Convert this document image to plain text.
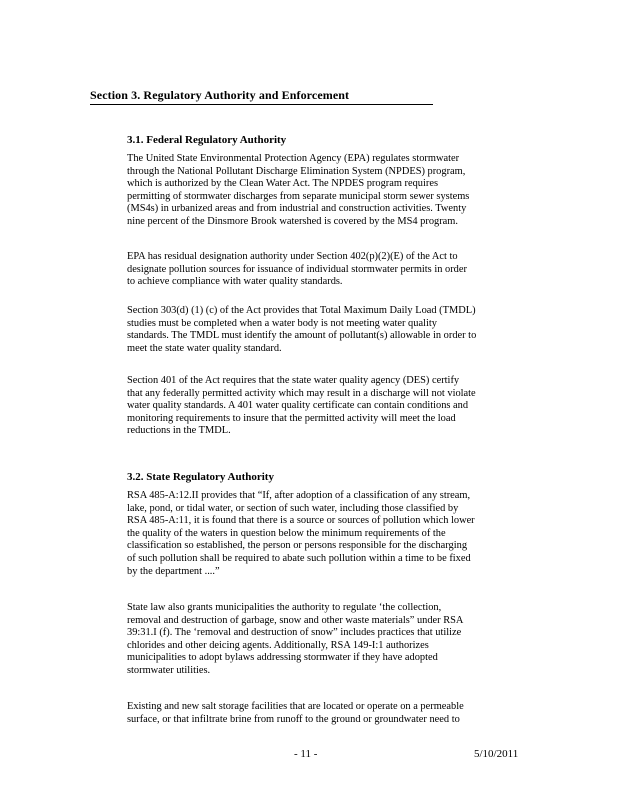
Section 3. Regulatory Authority and Enforcement
3.1. Federal Regulatory Authority
The United State Environmental Protection Agency (EPA) regulates stormwater
through the National Pollutant Discharge Elimination System (NPDES) program,
which is authorized by the Clean Water Act. The NPDES program requires
permitting of stormwater discharges from separate municipal storm sewer systems
(MS4s) in urbanized areas and from industrial and construction activities. Twenty
nine percent of the Dinsmore Brook watershed is covered by the MS4 program.
EPA has residual designation authority under Section 402(p)(2)(E) of the Act to
designate pollution sources for issuance of individual stormwater permits in order
to achieve compliance with water quality standards.
Section 303(d) (1) (c) of the Act provides that Total Maximum Daily Load (TMDL)
studies must be completed when a water body is not meeting water quality
standards. The TMDL must identify the amount of pollutant(s) allowable in order to
meet the state water quality standard.
Section 401 of the Act requires that the state water quality agency (DES) certify
that any federally permitted activity which may result in a discharge will not violate
water quality standards. A 401 water quality certificate can contain conditions and
monitoring requirements to insure that the permitted activity will meet the load
reductions in the TMDL.
3.2. State Regulatory Authority
RSA 485-A:12.II provides that “If, after adoption of a classification of any stream,
lake, pond, or tidal water, or section of such water, including those classified by
RSA 485-A:11, it is found that there is a source or sources of pollution which lower
the quality of the waters in question below the minimum requirements of the
classification so established, the person or persons responsible for the discharging
of such pollution shall be required to abate such pollution within a time to be fixed
by the department ....”
State law also grants municipalities the authority to regulate ‘the collection,
removal and destruction of garbage, snow and other waste materials” under RSA
39:31.I (f). The ‘removal and destruction of snow” includes practices that utilize
chlorides and other deicing agents. Additionally, RSA 149-I:1 authorizes
municipalities to adopt bylaws addressing stormwater if they have adopted
stormwater utilities.
Existing and new salt storage facilities that are located or operate on a permeable
surface, or that infiltrate brine from runoff to the ground or groundwater need to
- 11 -	5/10/2011
